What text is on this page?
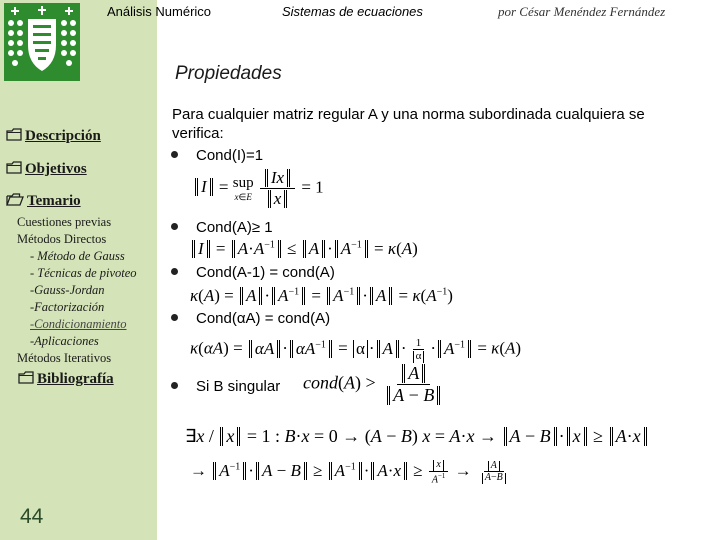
Descripción
Objetivos
Temario
Cuestiones previas
Métodos Directos
- Método de Gauss
- Técnicas de pivoteo
-Gauss-Jordan
-Factorización
-Condicionamiento
-Aplicaciones
Métodos Iterativos
Bibliografía
44
Análisis Numérico	Sistemas de ecuaciones	por César Menéndez Fernández
Propiedades
Para cualquier matriz regular A y una norma subordinada cualquiera se verifica:
Cond(I)=1
I = sup
x∈E
$\frac{Ix}{x} = 1$
Cond(A)≥ 1
$I = A\cdot A^{-1} \le A \cdot A^{-1} = \kappa(A)$
Cond(A-1) = cond(A)
$\kappa(A) = A \cdot A^{-1} = A^{-1} \cdot A = \kappa(A^{-1})$
Cond(αA) = cond(A)
$\kappa(\alpha A) = \alpha A \cdot \alpha A^{-1} = \alpha \cdot A \cdot \frac{1}{\alpha} \cdot A^{-1} = \kappa(A)$
Si B singular cond(A) > $\frac{A}{A - B}$
∃x / x = 1 : B·x = 0 → (A − B) x = A·x → A − B · x ≥ A·x
→ $A^{-1} \cdot A - B \ge A^{-1} \cdot A\cdot x \ge \frac{x}{A^{-1}} \to \frac{A}{A-B}$
